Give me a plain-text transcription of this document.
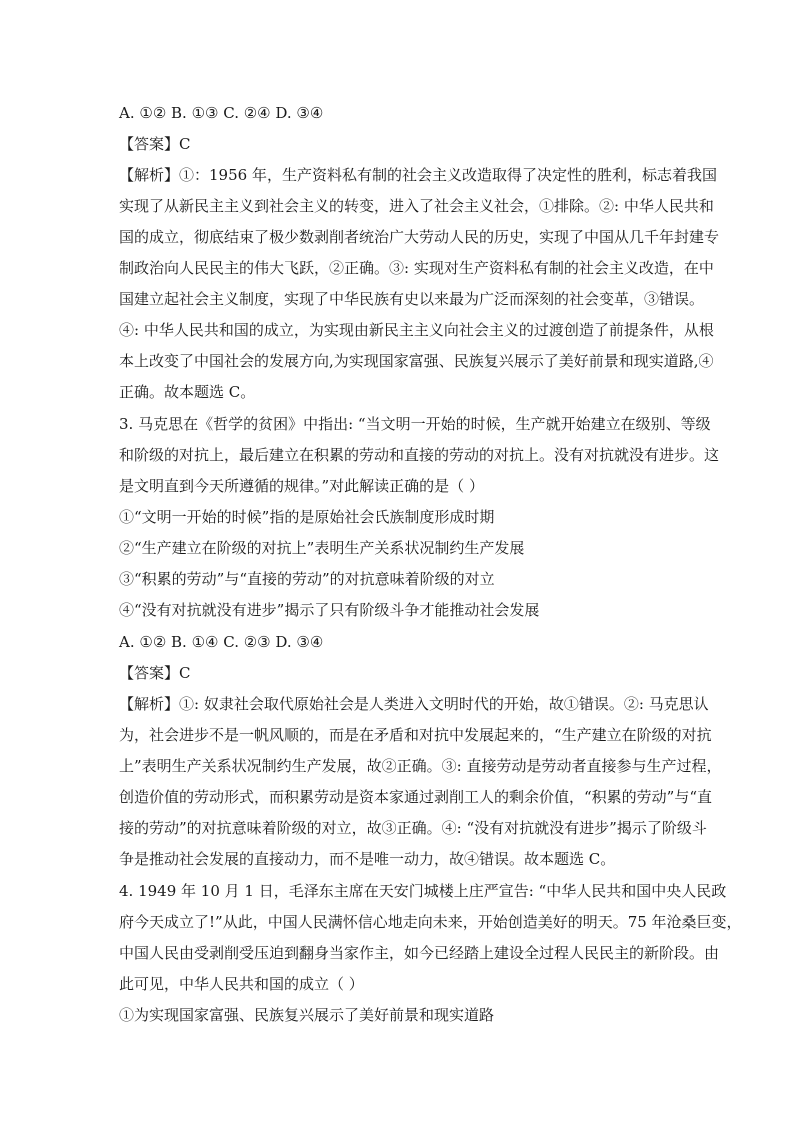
A. ①② B. ①③ C. ②④ D. ③④
【答案】C
【解析】①：1956 年，生产资料私有制的社会主义改造取得了决定性的胜利，标志着我国
实现了从新民主主义到社会主义的转变，进入了社会主义社会，①排除。②: 中华人民共和
国的成立，彻底结束了极少数剥削者统治广大劳动人民的历史，实现了中国从几千年封建专
制政治向人民民主的伟大飞跃，②正确。③: 实现对生产资料私有制的社会主义改造，在中
国建立起社会主义制度，实现了中华民族有史以来最为广泛而深刻的社会变革，③错误。
④: 中华人民共和国的成立，为实现由新民主主义向社会主义的过渡创造了前提条件，从根
本上改变了中国社会的发展方向,为实现国家富强、民族复兴展示了美好前景和现实道路,④
正确。故本题选 C。
3. 马克思在《哲学的贫困》中指出: “当文明一开始的时候，生产就开始建立在级别、等级
和阶级的对抗上，最后建立在积累的劳动和直接的劳动的对抗上。没有对抗就没有进步。这
是文明直到今天所遵循的规律。”对此解读正确的是（ ）
①“文明一开始的时候”指的是原始社会氏族制度形成时期
②“生产建立在阶级的对抗上”表明生产关系状况制约生产发展
③“积累的劳动”与“直接的劳动”的对抗意味着阶级的对立
④“没有对抗就没有进步”揭示了只有阶级斗争才能推动社会发展
A. ①② B. ①④ C. ②③ D. ③④
【答案】C
【解析】①: 奴隶社会取代原始社会是人类进入文明时代的开始，故①错误。②: 马克思认
为，社会进步不是一帆风顺的，而是在矛盾和对抗中发展起来的，“生产建立在阶级的对抗
上”表明生产关系状况制约生产发展，故②正确。③: 直接劳动是劳动者直接参与生产过程，
创造价值的劳动形式，而积累劳动是资本家通过剥削工人的剩余价值，“积累的劳动”与“直
接的劳动”的对抗意味着阶级的对立，故③正确。④: “没有对抗就没有进步”揭示了阶级斗
争是推动社会发展的直接动力，而不是唯一动力，故④错误。故本题选 C。
4. 1949 年 10 月 1 日，毛泽东主席在天安门城楼上庄严宣告: “中华人民共和国中央人民政
府今天成立了!”从此，中国人民满怀信心地走向未来，开始创造美好的明天。75 年沧桑巨变，
中国人民由受剥削受压迫到翻身当家作主，如今已经踏上建设全过程人民民主的新阶段。由
此可见，中华人民共和国的成立（ ）
①为实现国家富强、民族复兴展示了美好前景和现实道路
